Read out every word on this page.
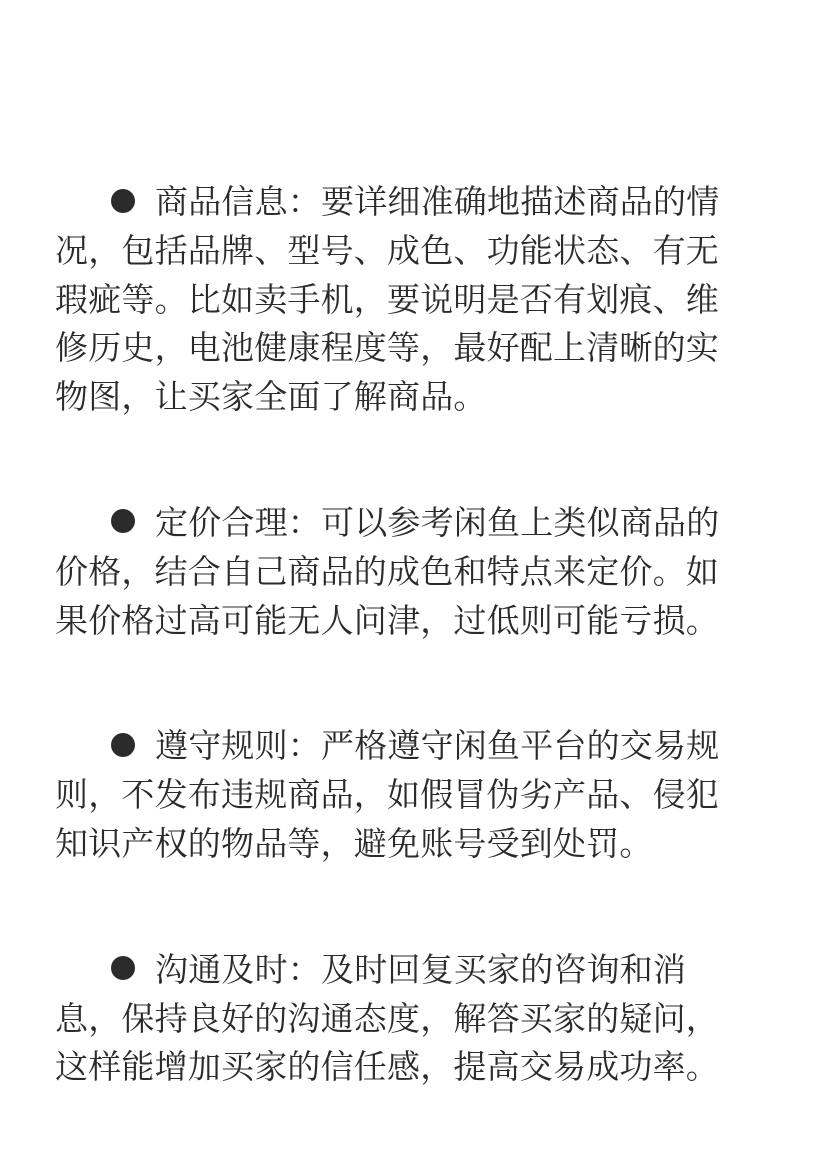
商品信息：要详细准确地描述商品的情
况，包括品牌、型号、成色、功能状态、有无
瑕疵等。比如卖手机，要说明是否有划痕、维
修历史，电池健康程度等，最好配上清晰的实
物图，让买家全面了解商品。
定价合理：可以参考闲鱼上类似商品的
价格，结合自己商品的成色和特点来定价。如
果价格过高可能无人问津，过低则可能亏损。
遵守规则：严格遵守闲鱼平台的交易规
则，不发布违规商品，如假冒伪劣产品、侵犯
知识产权的物品等，避免账号受到处罚。
沟通及时：及时回复买家的咨询和消
息，保持良好的沟通态度，解答买家的疑问，
这样能增加买家的信任感，提高交易成功率。
